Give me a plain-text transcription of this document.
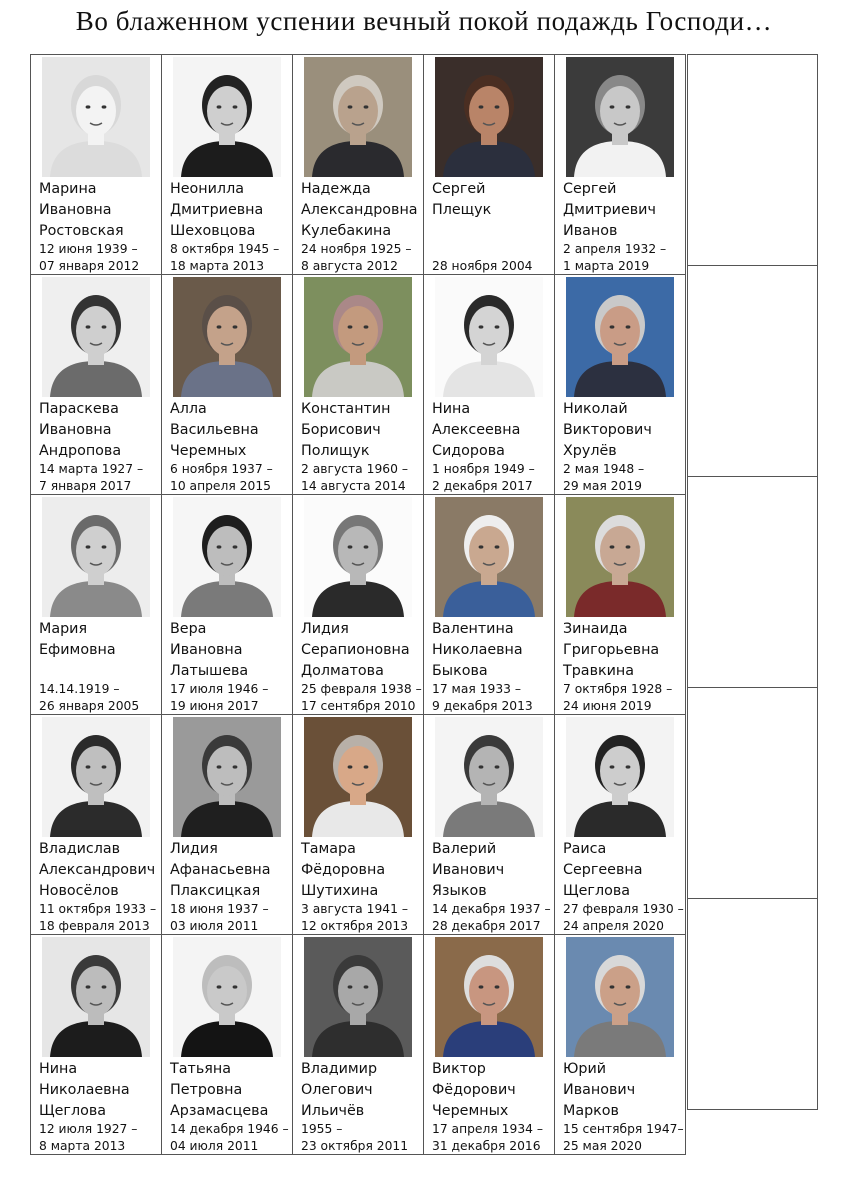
Во блаженном успении вечный покой подаждь Господи…
Марина
Ивановна
Ростовская
12 июня 1939 –
07 января 2012
Неонилла
Дмитриевна
Шеховцова
8 октября 1945 –
18 марта 2013
Надежда
Александровна
Кулебакина
24 ноября 1925 –
8 августа 2012
Сергей
Плещук

28 ноября 2004
Сергей
Дмитриевич
Иванов
2 апреля 1932 –
1 марта 2019
Параскева
Ивановна
Андропова
14 марта 1927 –
7 января 2017
Алла
Васильевна
Черемных
6 ноября 1937 –
10 апреля 2015
Константин
Борисович
Полищук
2 августа 1960 –
14 августа 2014
Нина
Алексеевна
Сидорова
1 ноября 1949 –
2 декабря 2017
Николай
Викторович
Хрулёв
2 мая 1948 –
29 мая 2019
Мария
Ефимовна
14.14.1919 –
26 января 2005
Вера
Ивановна
Латышева
17 июля 1946 –
19 июня 2017
Лидия
Серапионовна
Долматова
25 февраля 1938 –
17 сентября 2010
Валентина
Николаевна
Быкова
17 мая 1933 –
9 декабря 2013
Зинаида
Григорьевна
Травкина
7 октября 1928 –
24 июня 2019
Владислав
Александрович
Новосёлов
11 октября 1933 –
18 февраля 2013
Лидия
Афанасьевна
Плаксицкая
18 июня 1937 –
03 июля 2011
Тамара
Фёдоровна
Шутихина
3 августа 1941 –
12 октября 2013
Валерий
Иванович
Языков
14 декабря 1937 –
28 декабря 2017
Раиса
Сергеевна
Щеглова
27 февраля 1930 –
24 апреля 2020
Нина
Николаевна
Щеглова
12 июля 1927 –
8 марта 2013
Татьяна
Петровна
Арзамасцева
14 декабря 1946 –
04 июля 2011
Владимир
Олегович
Ильичёв
1955 –
23 октября 2011
Виктор
Фёдорович
Черемных
17 апреля 1934 –
31 декабря 2016
Юрий
Иванович
Марков
15 сентября 1947–
25 мая 2020
